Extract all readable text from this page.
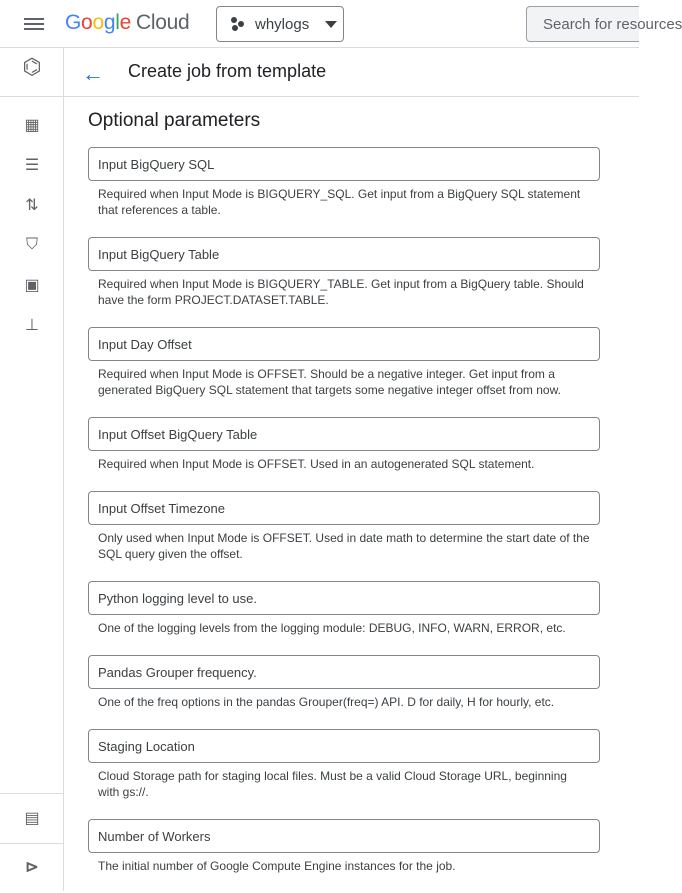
Google Cloud	whylogs	Search for resources
⌬
▦
☰
⇅
⛉
▣
⊥
▤
⊳
← Create job from template
Optional parameters
Input BigQuery SQL
Required when Input Mode is BIGQUERY_SQL. Get input from a BigQuery SQL statement that references a table.
Input BigQuery Table
Required when Input Mode is BIGQUERY_TABLE. Get input from a BigQuery table. Should have the form PROJECT.DATASET.TABLE.
Input Day Offset
Required when Input Mode is OFFSET. Should be a negative integer. Get input from a generated BigQuery SQL statement that targets some negative integer offset from now.
Input Offset BigQuery Table
Required when Input Mode is OFFSET. Used in an autogenerated SQL statement.
Input Offset Timezone
Only used when Input Mode is OFFSET. Used in date math to determine the start date of the SQL query given the offset.
Python logging level to use.
One of the logging levels from the logging module: DEBUG, INFO, WARN, ERROR, etc.
Pandas Grouper frequency.
One of the freq options in the pandas Grouper(freq=) API. D for daily, H for hourly, etc.
Staging Location
Cloud Storage path for staging local files. Must be a valid Cloud Storage URL, beginning with gs://.
Number of Workers
The initial number of Google Compute Engine instances for the job.
